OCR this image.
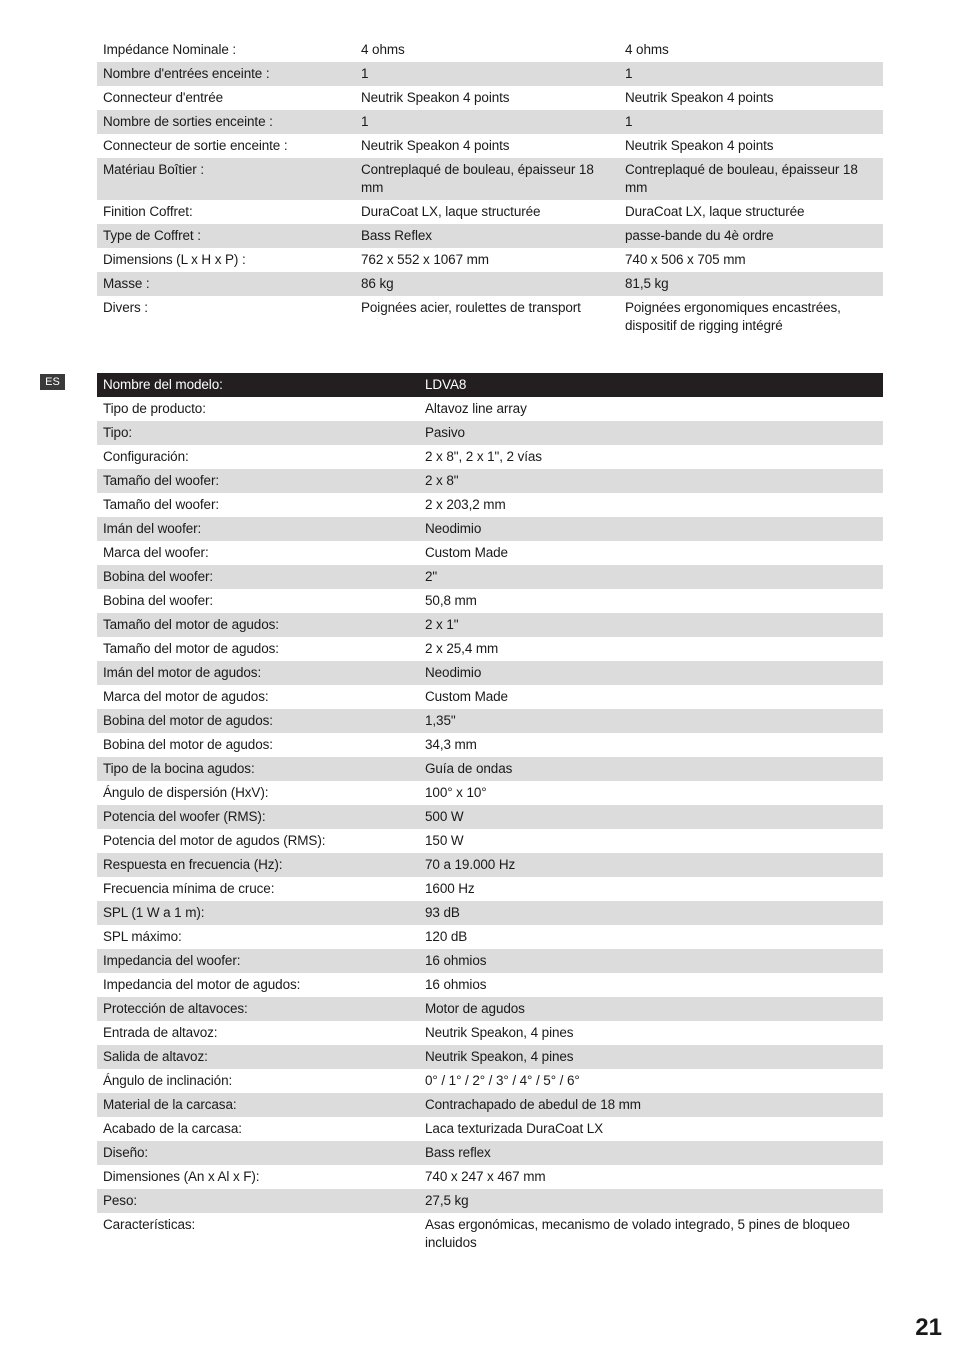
Impédance Nominale :	4 ohms	4 ohms
Nombre d'entrées enceinte :	1	1
Connecteur d'entrée	Neutrik Speakon 4 points	Neutrik Speakon 4 points
Nombre de sorties enceinte :	1	1
Connecteur de sortie enceinte :	Neutrik Speakon 4 points	Neutrik Speakon 4 points
Matériau Boîtier :	Contreplaqué de bouleau, épaisseur 18 mm	Contreplaqué de bouleau, épaisseur 18 mm
Finition Coffret:	DuraCoat LX, laque structurée	DuraCoat LX, laque structurée
Type de Coffret :	Bass Reflex	passe-bande du 4è ordre
Dimensions (L x H x P) :	762 x 552 x 1067 mm	740 x 506 x 705 mm
Masse :	86 kg	81,5 kg
Divers :	Poignées acier, roulettes de transport	Poignées ergonomiques encastrées, dispositif de rigging intégré
ES	Nombre del modelo:	LDVA8
Tipo de producto:	Altavoz line array
Tipo:	Pasivo
Configuración:	2 x 8", 2 x 1", 2 vías
Tamaño del woofer:	2 x 8"
Tamaño del woofer:	2 x 203,2 mm
Imán del woofer:	Neodimio
Marca del woofer:	Custom Made
Bobina del woofer:	2"
Bobina del woofer:	50,8 mm
Tamaño del motor de agudos:	2 x 1"
Tamaño del motor de agudos:	2 x 25,4 mm
Imán del motor de agudos:	Neodimio
Marca del motor de agudos:	Custom Made
Bobina del motor de agudos:	1,35"
Bobina del motor de agudos:	34,3 mm
Tipo de la bocina agudos:	Guía de ondas
Ángulo de dispersión (HxV):	100° x 10°
Potencia del woofer (RMS):	500 W
Potencia del motor de agudos (RMS):	150 W
Respuesta en frecuencia (Hz):	70 a 19.000 Hz
Frecuencia mínima de cruce:	1600 Hz
SPL (1 W a 1 m):	93 dB
SPL máximo:	120 dB
Impedancia del woofer:	16 ohmios
Impedancia del motor de agudos:	16 ohmios
Protección de altavoces:	Motor de agudos
Entrada de altavoz:	Neutrik Speakon, 4 pines
Salida de altavoz:	Neutrik Speakon, 4 pines
Ángulo de inclinación:	0° / 1° / 2° / 3° / 4° / 5° / 6°
Material de la carcasa:	Contrachapado de abedul de 18 mm
Acabado de la carcasa:	Laca texturizada DuraCoat LX
Diseño:	Bass reflex
Dimensiones (An x Al x F):	740 x 247 x 467 mm
Peso:	27,5 kg
Características:	Asas ergonómicas, mecanismo de volado integrado, 5 pines de bloqueo incluidos
21
